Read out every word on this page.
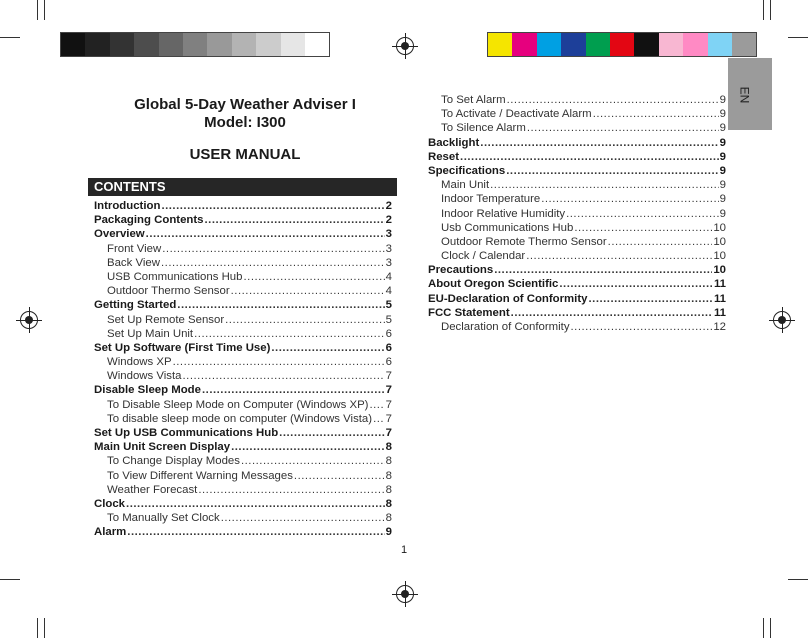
EN
Global 5-Day Weather Adviser I
Model: I300
USER MANUAL
CONTENTS
Introduction .....	2
Packaging Contents .....	2
Overview .....	3
Front View .....	3
Back View .....	3
USB Communications Hub .....	4
Outdoor Thermo Sensor .....	4
Getting Started .....	5
Set Up Remote Sensor .....	5
Set Up Main Unit .....	6
Set Up Software (First Time Use) .....	6
Windows XP .....	6
Windows Vista .....	7
Disable Sleep Mode .....	7
To Disable Sleep Mode on Computer (Windows XP) ..... 7
To disable sleep mode on computer (Windows Vista) ..... 7
Set Up USB Communications Hub .....	7
Main Unit Screen Display .....	8
To Change Display Modes .....	8
To View Different Warning Messages .....	8
Weather Forecast .....	8
Clock .....	8
To Manually Set Clock .....	8
Alarm .....	9
To Set Alarm .....	9
To Activate / Deactivate Alarm .....	9
To Silence Alarm .....	9
Backlight .....	9
Reset .....	9
Specifications .....	9
Main Unit .....	9
Indoor Temperature .....	9
Indoor Relative Humidity .....	9
Usb Communications Hub .....	10
Outdoor Remote Thermo Sensor .....	10
Clock / Calendar .....	10
Precautions .....	10
About Oregon Scientific .....	11
EU-Declaration of Conformity .....	11
FCC Statement .....	11
Declaration of Conformity .....	12
1
